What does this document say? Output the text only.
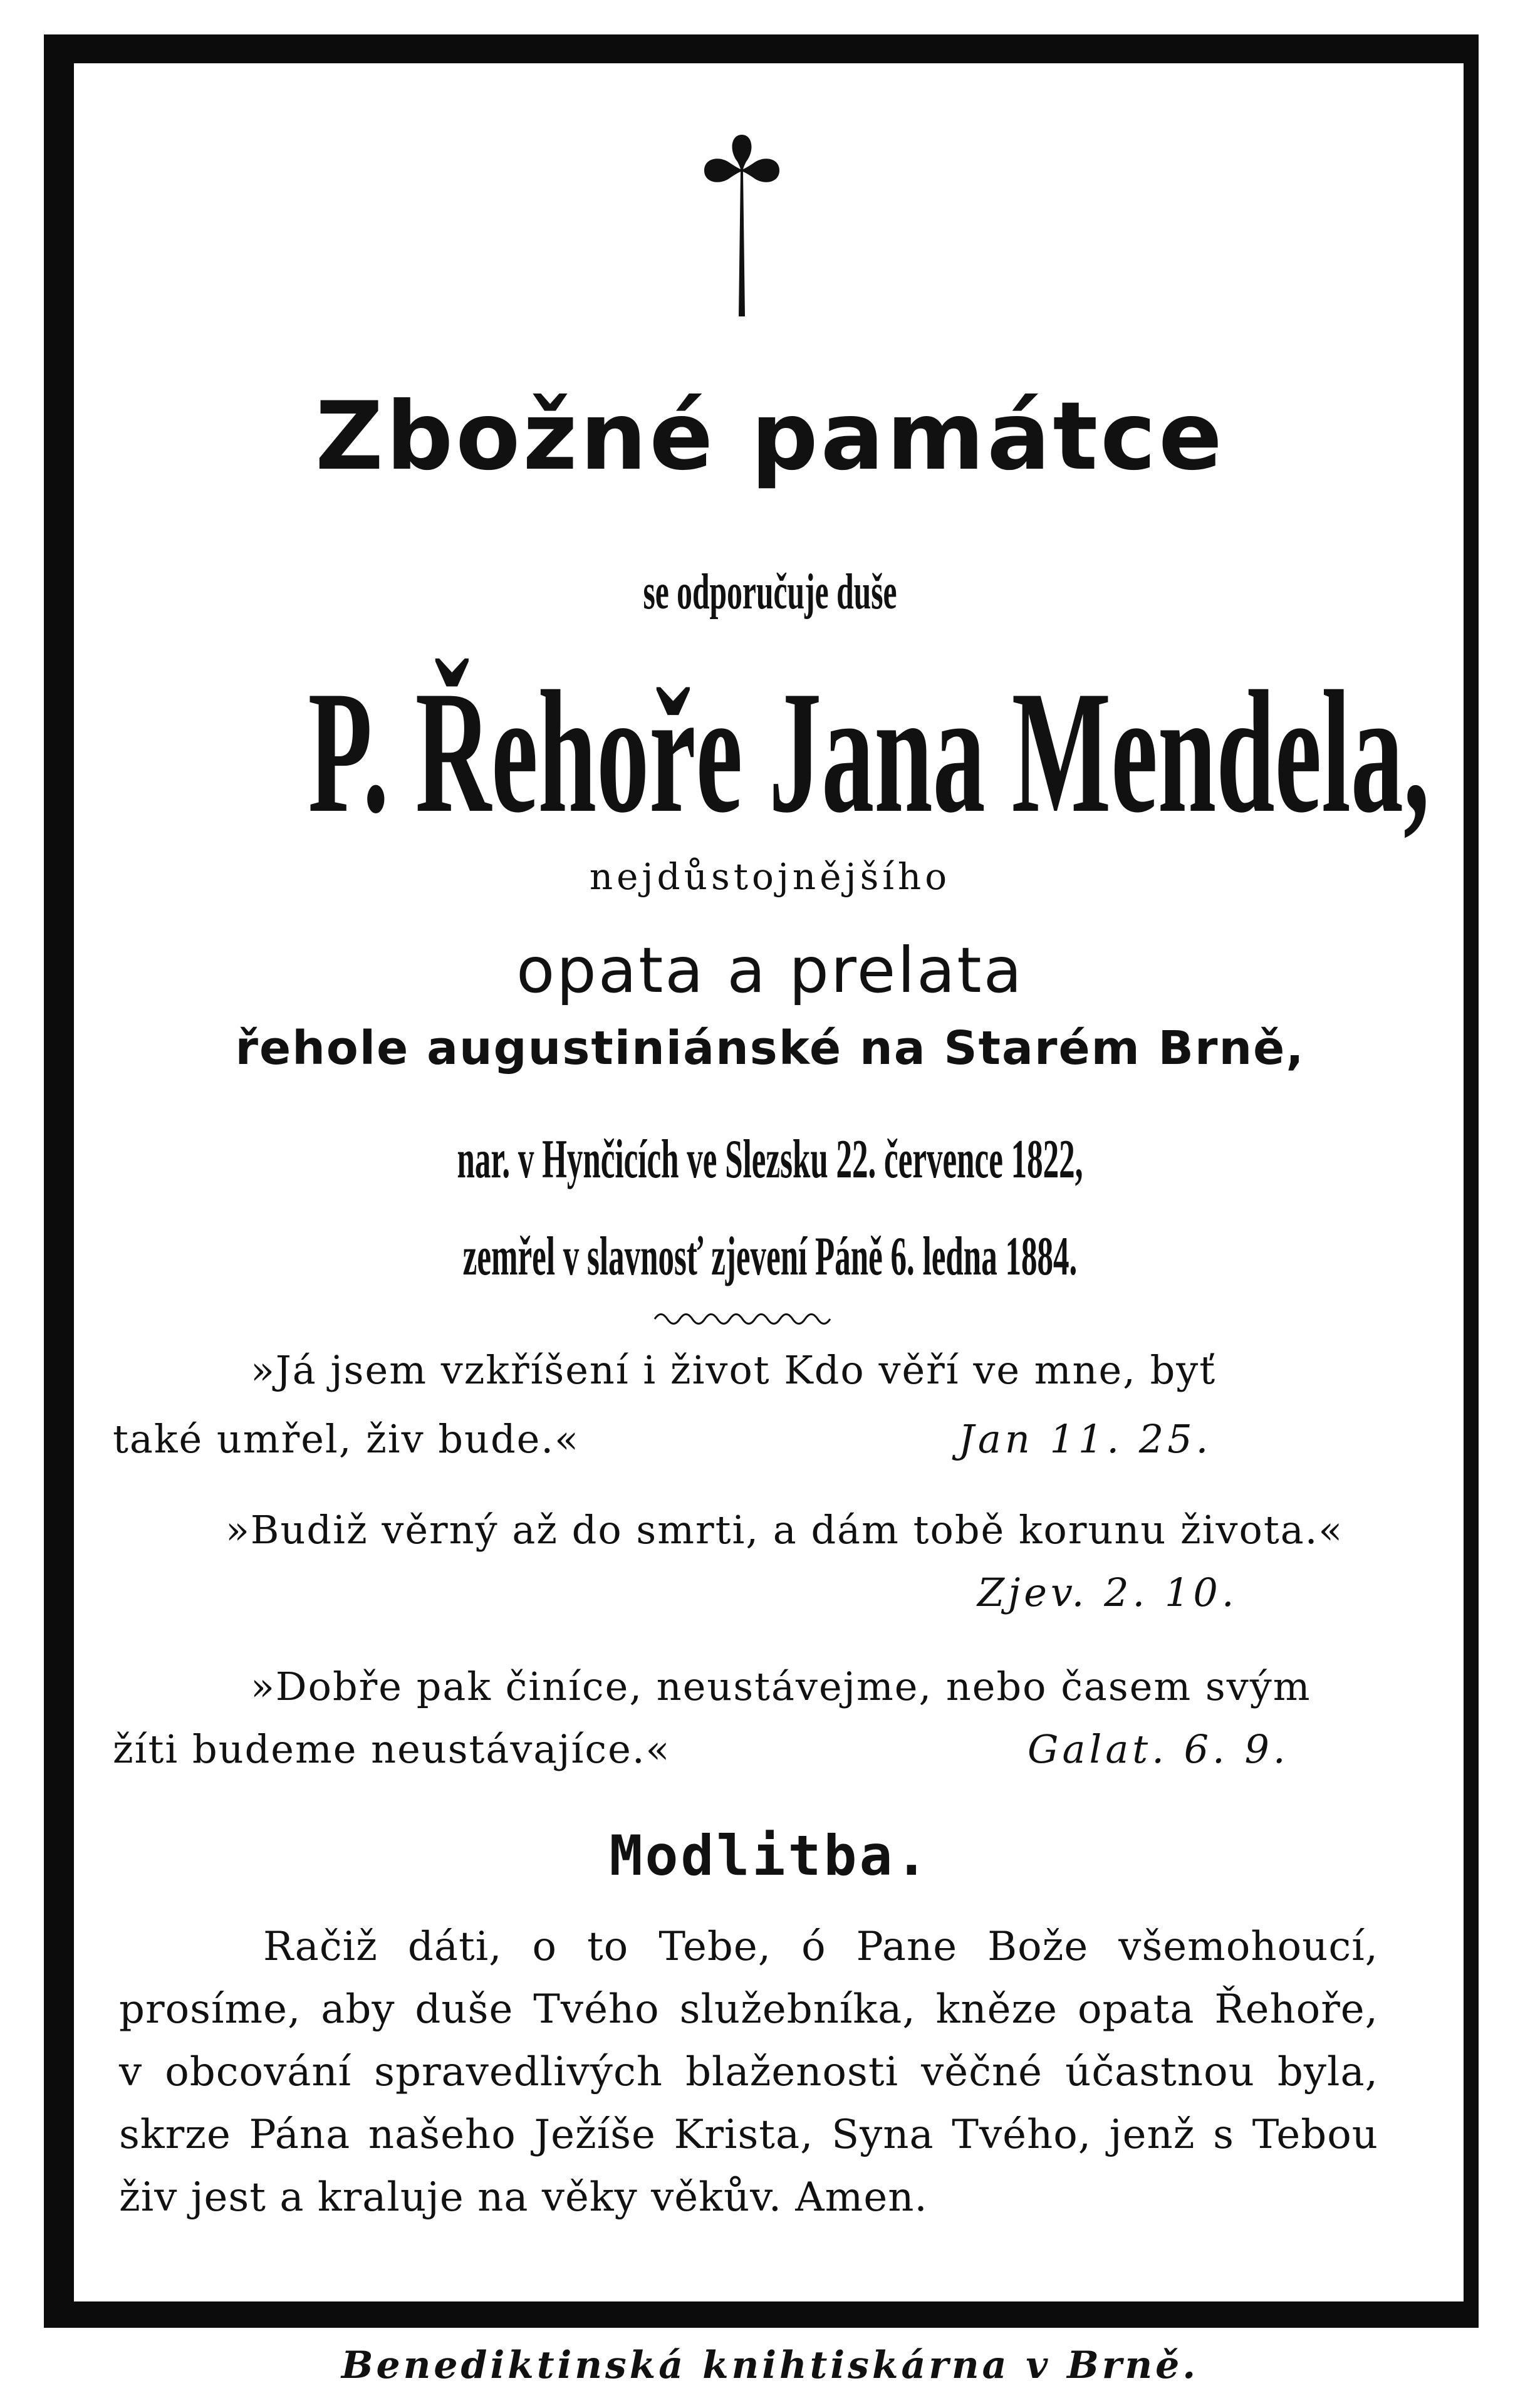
Zbožné památce
se odporučuje duše
P. Řehoře Jana Mendela,
nejdůstojnějšího
opata a prelata
řehole augustiniánské na Starém Brně,
nar. v Hynčicích ve Slezsku 22. července 1822,
zemřel v slavnosť zjevení Páně 6. ledna 1884.
»Já jsem vzkříšení i život Kdo věří ve mne, byť
také umřel, živ bude.«	Jan 11. 25.
»Budiž věrný až do smrti, a dám tobě korunu života.«
Zjev. 2. 10.
»Dobře pak činíce, neustávejme, nebo časem svým
žíti budeme neustávajíce.«	Galat. 6. 9.
Modlitba.
Račiž dáti, o to Tebe, ó Pane Bože všemohoucí,
prosíme, aby duše Tvého služebníka, kněze opata Řehoře,
v obcování spravedlivých blaženosti věčné účastnou byla,
skrze Pána našeho Ježíše Krista, Syna Tvého, jenž s Tebou
živ jest a kraluje na věky věkův. Amen.
Benediktinská knihtiskárna v Brně.
